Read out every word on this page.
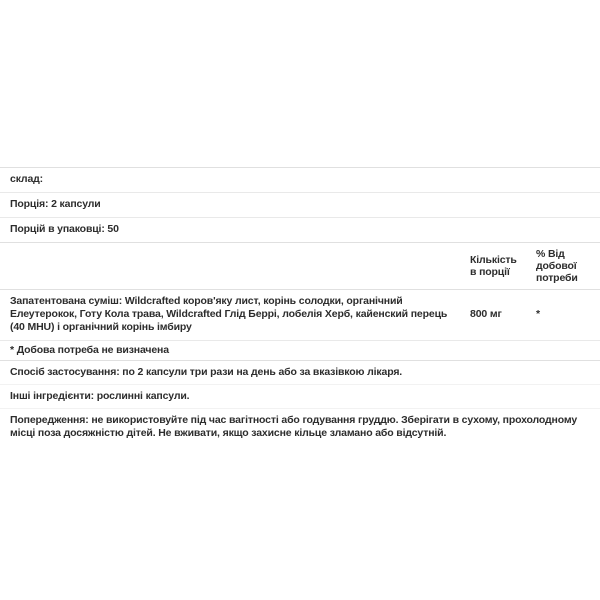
склад:
Порція: 2 капсули
Порцій в упаковці: 50
Кількість в порції
% Від добової потреби
Запатентована суміш: Wildcrafted коров'яку лист, корінь солодки, органічний Елеутерокок, Готу Кола трава, Wildcrafted Глід Беррі, лобелія Херб, кайенский перець (40 MHU) і органічний корінь імбиру
800 мг	*
* Добова потреба не визначена
Спосіб застосування: по 2 капсули три рази на день або за вказівкою лікаря.
Інші інгредієнти: рослинні капсули.
Попередження: не використовуйте під час вагітності або годування груддю. Зберігати в сухому, прохолодному місці поза досяжністю дітей. Не вживати, якщо захисне кільце зламано або відсутній.
